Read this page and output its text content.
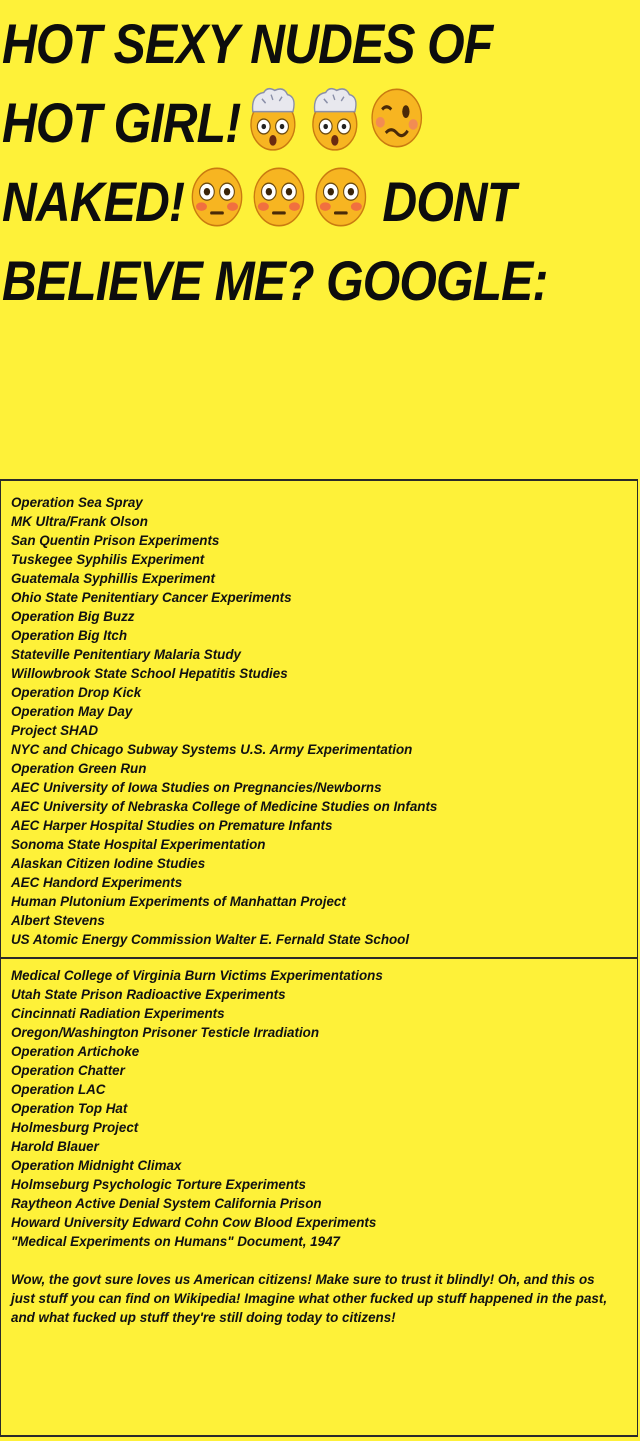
HOT SEXY NUDES OF
HOT GIRL!
NAKED!	DONT
BELIEVE ME? GOOGLE:
Operation Sea Spray
MK Ultra/Frank Olson
San Quentin Prison Experiments
Tuskegee Syphilis Experiment
Guatemala Syphillis Experiment
Ohio State Penitentiary Cancer Experiments
Operation Big Buzz
Operation Big Itch
Stateville Penitentiary Malaria Study
Willowbrook State School Hepatitis Studies
Operation Drop Kick
Operation May Day
Project SHAD
NYC and Chicago Subway Systems U.S. Army Experimentation
Operation Green Run
AEC University of Iowa Studies on Pregnancies/Newborns
AEC University of Nebraska College of Medicine Studies on Infants
AEC Harper Hospital Studies on Premature Infants
Sonoma State Hospital Experimentation
Alaskan Citizen Iodine Studies
AEC Handord Experiments
Human Plutonium Experiments of Manhattan Project
Albert Stevens
US Atomic Energy Commission Walter E. Fernald State School
Medical College of Virginia Burn Victims Experimentations
Utah State Prison Radioactive Experiments
Cincinnati Radiation Experiments
Oregon/Washington Prisoner Testicle Irradiation
Operation Artichoke
Operation Chatter
Operation LAC
Operation Top Hat
Holmesburg Project
Harold Blauer
Operation Midnight Climax
Holmseburg Psychologic Torture Experiments
Raytheon Active Denial System California Prison
Howard University Edward Cohn Cow Blood Experiments
"Medical Experiments on Humans" Document, 1947

Wow, the govt sure loves us American citizens! Make sure to trust it blindly! Oh, and this os just stuff you can find on Wikipedia! Imagine what other fucked up stuff happened in the past, and what fucked up stuff they're still doing today to citizens!
